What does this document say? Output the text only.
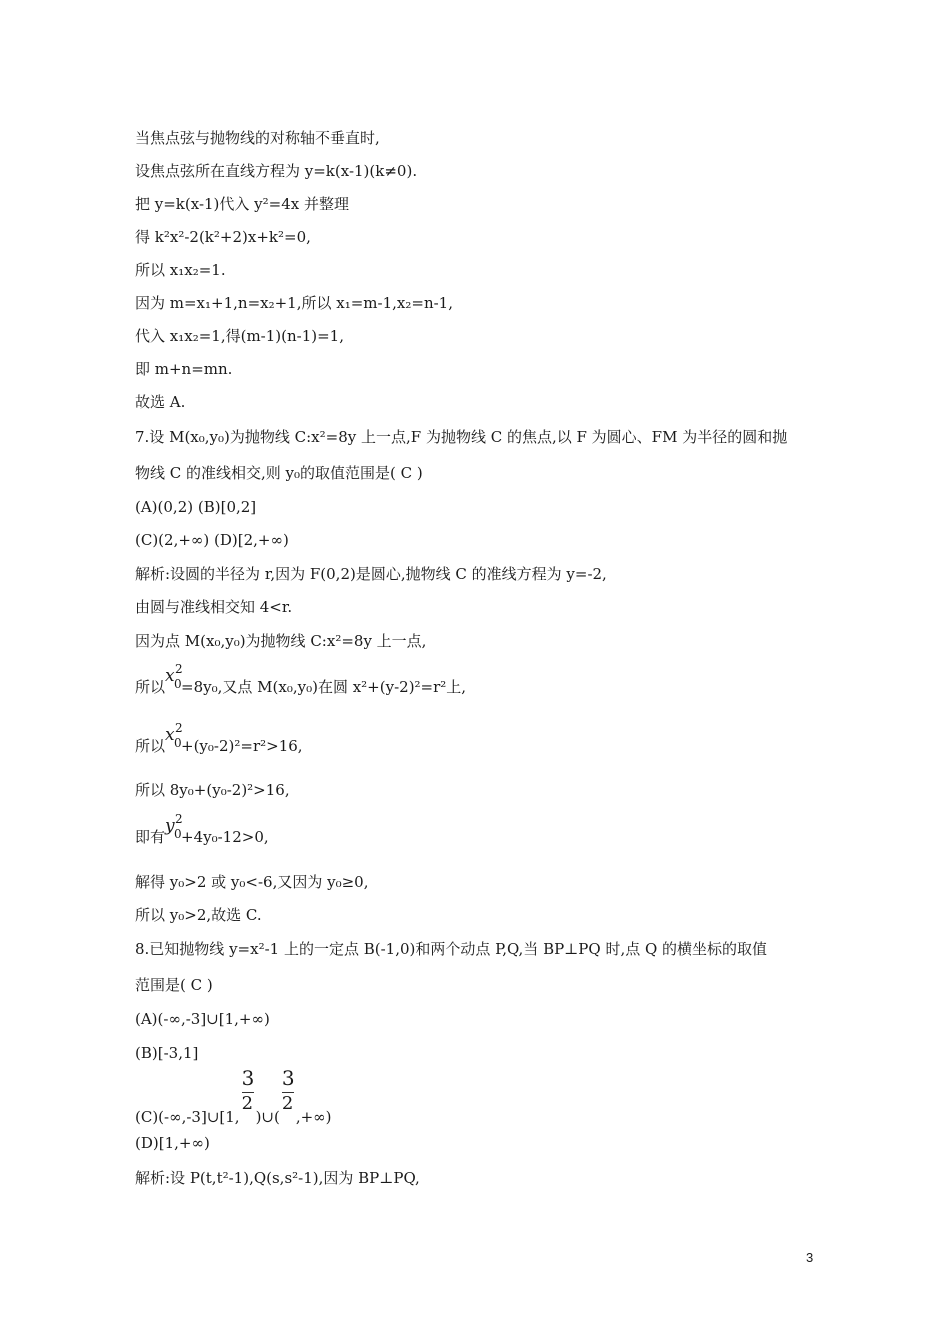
当焦点弦与抛物线的对称轴不垂直时,
设焦点弦所在直线方程为 y=k(x-1)(k≠0).
把 y=k(x-1)代入 y²=4x 并整理
得 k²x²-2(k²+2)x+k²=0,
所以 x₁x₂=1.
因为 m=x₁+1,n=x₂+1,所以 x₁=m-1,x₂=n-1,
代入 x₁x₂=1,得(m-1)(n-1)=1,
即 m+n=mn.
故选 A.
7.设 M(x₀,y₀)为抛物线 C:x²=8y 上一点,F 为抛物线 C 的焦点,以 F 为圆心、FM 为半径的圆和抛
物线 C 的准线相交,则 y₀的取值范围是( C )
(A)(0,2) (B)[0,2]
(C)(2,+∞) (D)[2,+∞)
解析:设圆的半径为 r,因为 F(0,2)是圆心,抛物线 C 的准线方程为 y=-2,
由圆与准线相交知 4<r.
因为点 M(x₀,y₀)为抛物线 C:x²=8y 上一点,
所以
x 2
0 =8y₀,又点 M(x₀,y₀)在圆 x²+(y-2)²=r²上,
所以
x 2
0 +(y₀-2)²=r²>16,
所以 8y₀+(y₀-2)²>16,
即有
y 2
0 +4y₀-12>0,
解得 y₀>2 或 y₀<-6,又因为 y₀≥0,
所以 y₀>2,故选 C.
8.已知抛物线 y=x²-1 上的一定点 B(-1,0)和两个动点 P,Q,当 BP⊥PQ 时,点 Q 的横坐标的取值
范围是( C )
(A)(-∞,-3]∪[1,+∞)
(B)[-3,1]
(C)(-∞,-3]∪[1, $\frac{3}{2}$ )∪( $\frac{3}{2}$ ,+∞)
(D)[1,+∞)
解析:设 P(t,t²-1),Q(s,s²-1),因为 BP⊥PQ,
3
